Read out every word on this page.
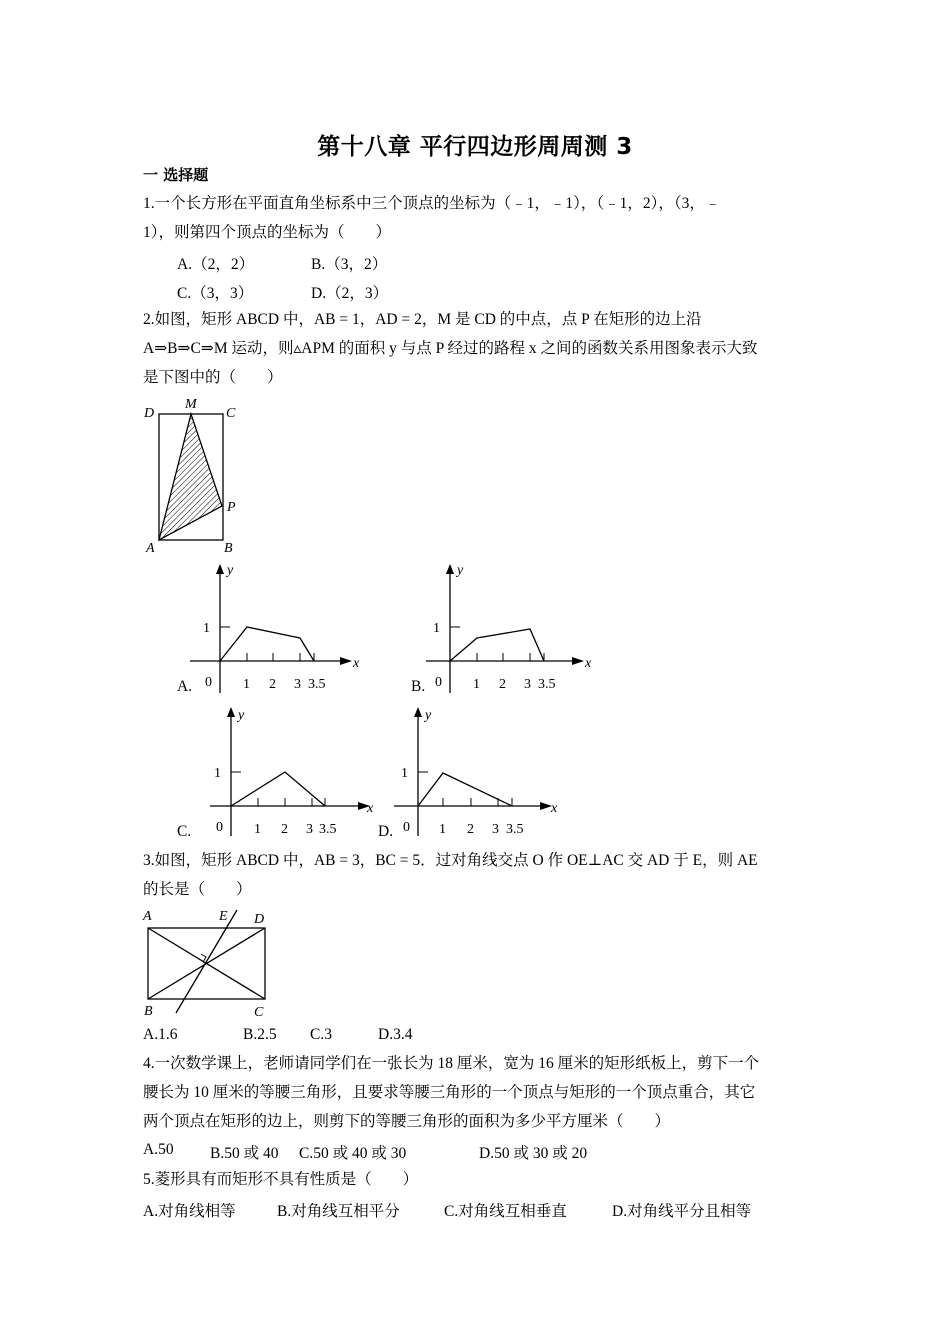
第十八章 平行四边形周周测 3
一 选择题
1.一个长方形在平面直角坐标系中三个顶点的坐标为（﹣1，﹣1），（﹣1，2），（3，﹣
1），则第四个顶点的坐标为（　　）
A.（2，2）	B.（3，2）
C.（3，3）	D.（2，3）
2.如图，矩形 ABCD 中，AB = 1，AD = 2，M 是 CD 的中点，点 P 在矩形的边上沿
A⇒B⇒C⇒M 运动，则▵APM 的面积 y 与点 P 经过的路程 x 之间的函数关系用图象表示大致
是下图中的（　　）
D
M
C
P
A	B
A.
y
x
1
0 1 2 3 3.5	B.
y
x
1
0 1 2 3 3.5
C.
y
x
1
0 1 2 3 3.5	D.
y
x
1
0 1 2 3 3.5
3.如图，矩形 ABCD 中，AB = 3，BC = 5．过对角线交点 O 作 OE⊥AC 交 AD 于 E，则 AE
的长是（　　）
A	E D
B	C
A.1.6	B.2.5 C.3	D.3.4
4.一次数学课上，老师请同学们在一张长为 18 厘米，宽为 16 厘米的矩形纸板上，剪下一个
腰长为 10 厘米的等腰三角形，且要求等腰三角形的一个顶点与矩形的一个顶点重合，其它
两个顶点在矩形的边上，则剪下的等腰三角形的面积为多少平方厘米（　　）
A.50 B.50 或 40 C.50 或 40 或 30	D.50 或 30 或 20
5.菱形具有而矩形不具有性质是（　　）
A.对角线相等	B.对角线互相平分	C.对角线互相垂直	D.对角线平分且相等
